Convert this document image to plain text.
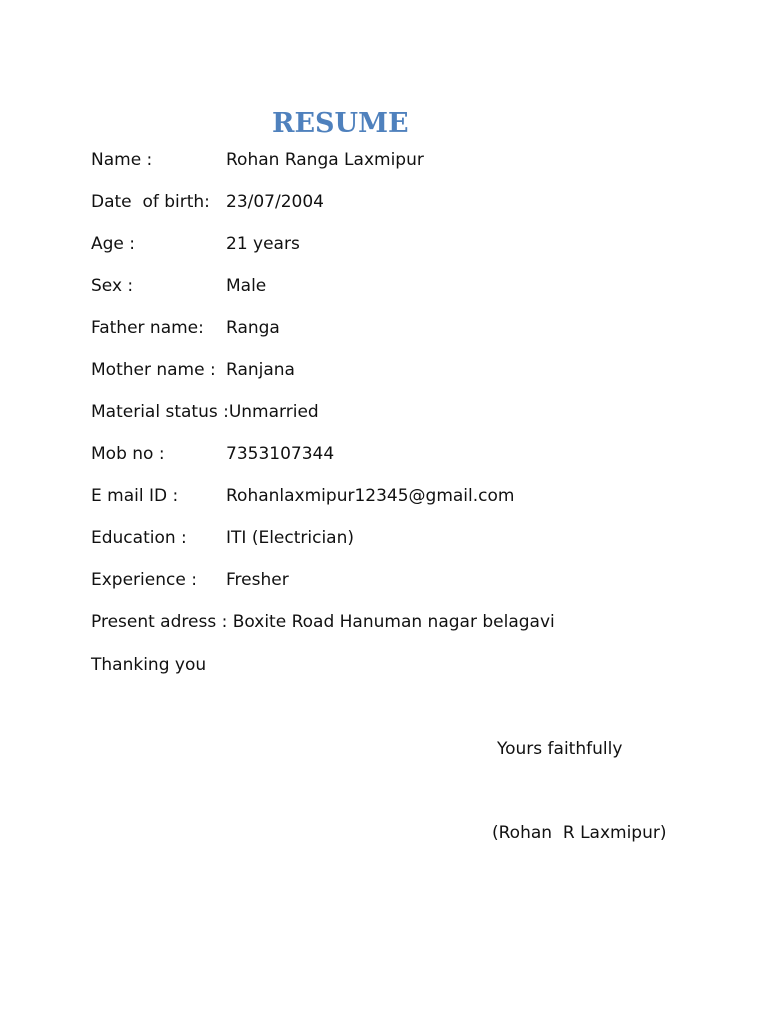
RESUME
Name :	Rohan Ranga Laxmipur
Date  of birth: 23/07/2004
Age :	21 years
Sex :	Male
Father name: Ranga
Mother name : Ranjana
Material status :Unmarried
Mob no :	7353107344
E mail ID :	Rohanlaxmipur12345@gmail.com
Education : ITI (Electrician)
Experience : Fresher
Present adress : Boxite Road Hanuman nagar belagavi
Thanking you
Yours faithfully
(Rohan  R Laxmipur)
